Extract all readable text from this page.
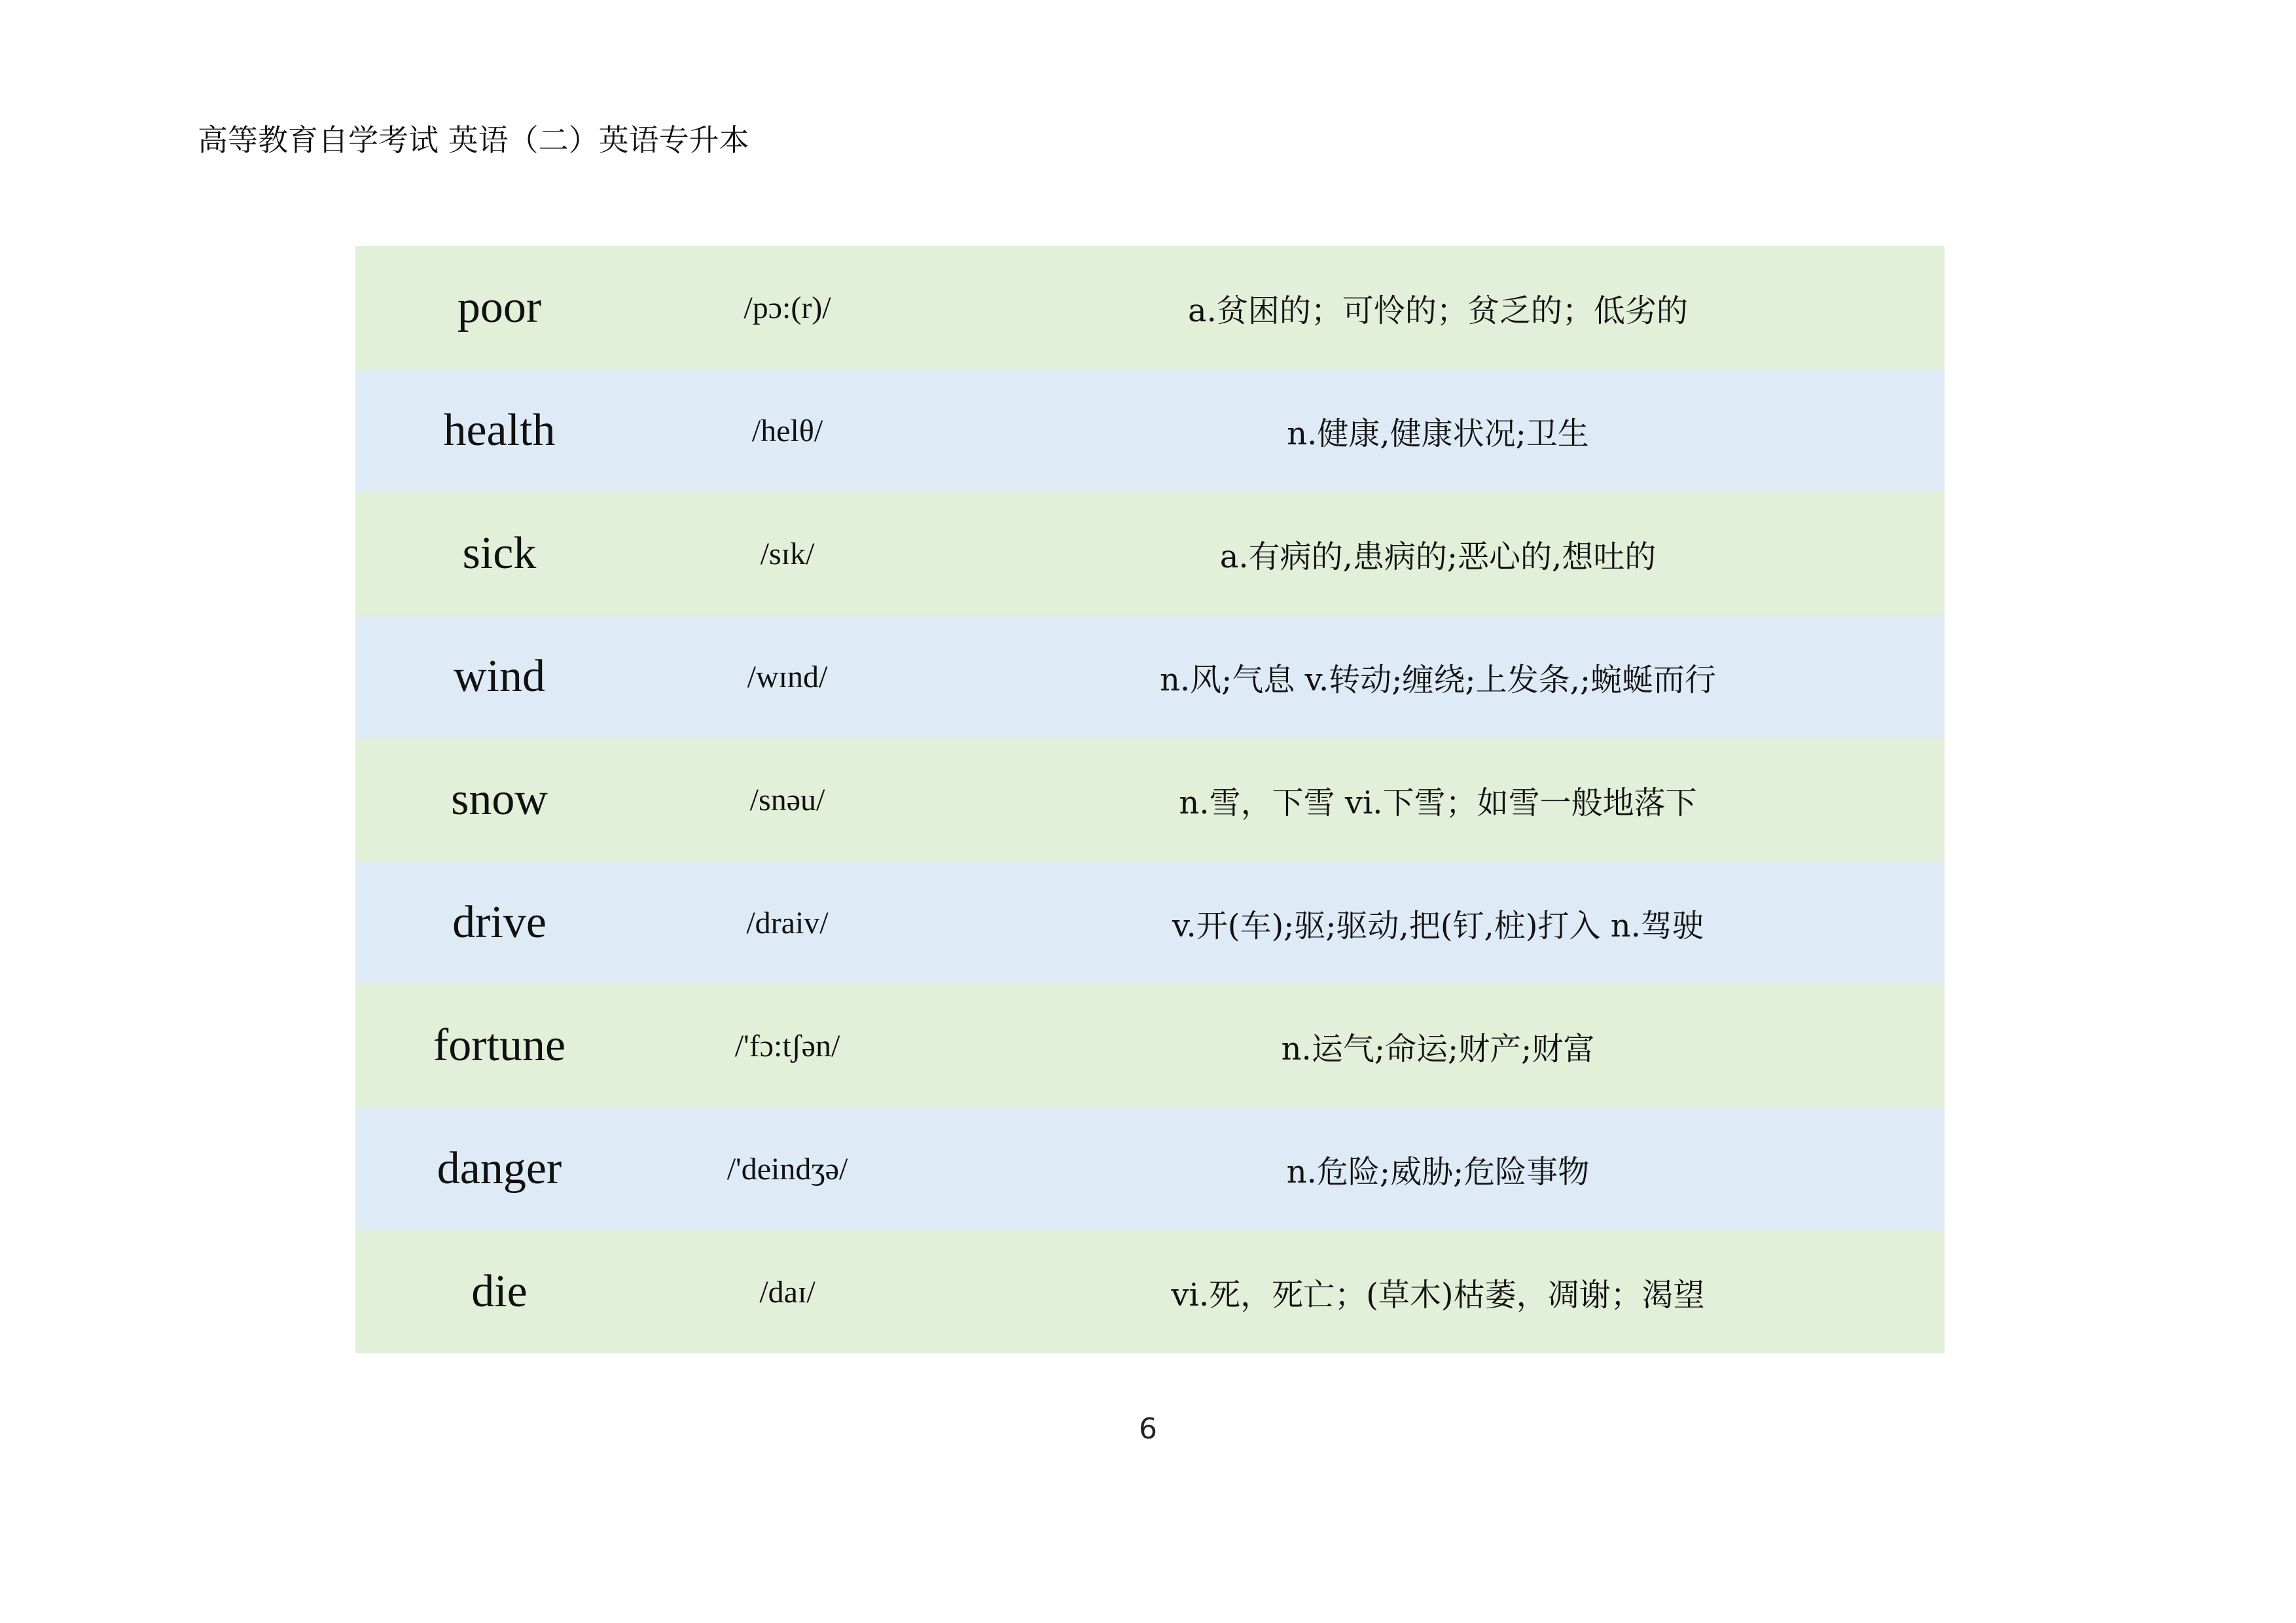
高等教育自学考试 英语（二）英语专升本
poor	/pɔ:(r)/	a.贫困的；可怜的；贫乏的；低劣的
health	/helθ/	n.健康,健康状况;卫生
sick	/sɪk/	a.有病的,患病的;恶心的,想吐的
wind	/wɪnd/	n.风;气息 v.转动;缠绕;上发条,;蜿蜒而行
snow	/snəu/	n.雪，下雪 vi.下雪；如雪一般地落下
drive	/draiv/	v.开(车);驱;驱动,把(钉,桩)打入 n.驾驶
fortune	/'fɔ:tʃən/	n.运气;命运;财产;财富
danger	/'deindʒə/	n.危险;威胁;危险事物
die	/daɪ/	vi.死，死亡；(草木)枯萎，凋谢；渴望
6
